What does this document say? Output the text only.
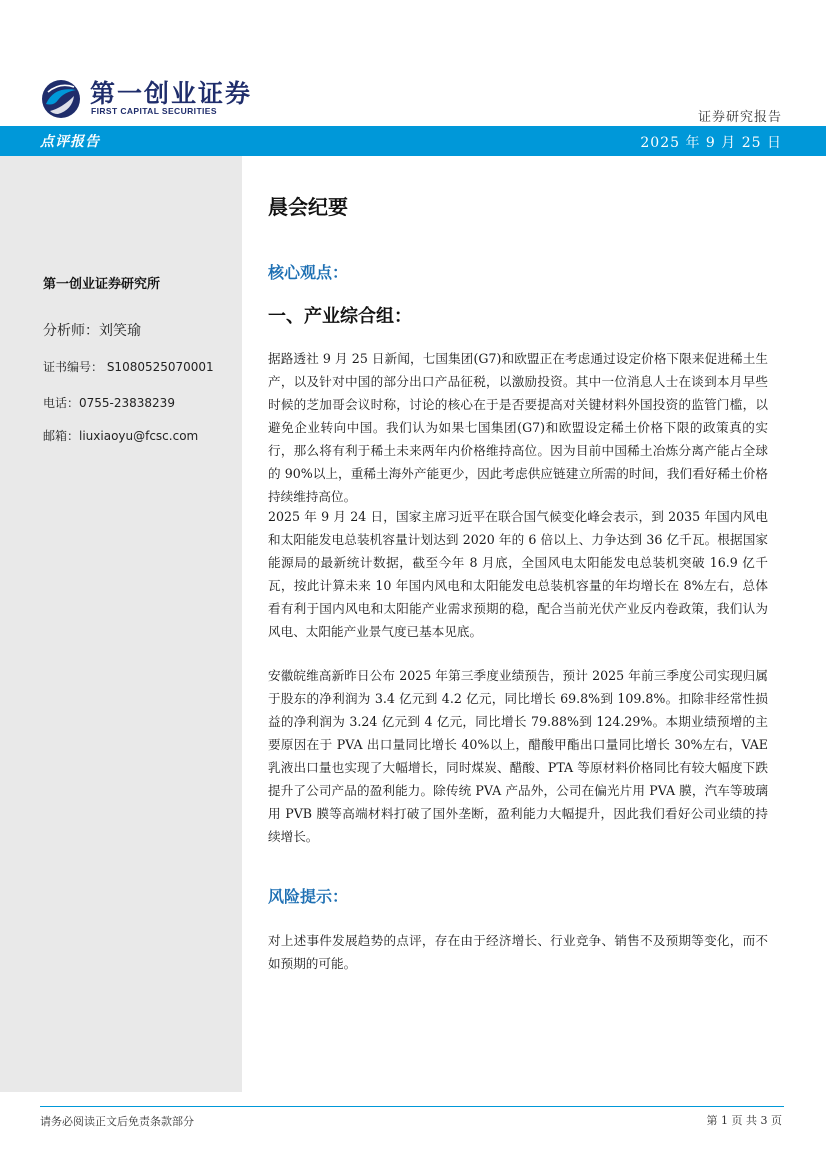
第一创业证券
FIRST CAPITAL SECURITIES	证券研究报告
点评报告	2025 年 9 月 25 日
第一创业证券研究所
分析师：刘笑瑜
证书编号： S1080525070001
电话：0755-23838239
邮箱：liuxiaoyu@fcsc.com
晨会纪要
核心观点：
一、产业综合组：

据路透社 9 月 25 日新闻，七国集团(G7)和欧盟正在考虑通过设定价格下限来促进稀土生产，以及针对中国的部分出口产品征税，以激励投资。其中一位消息人士在谈到本月早些时候的芝加哥会议时称，讨论的核心在于是否要提高对关键材料外国投资的监管门槛，以避免企业转向中国。我们认为如果七国集团(G7)和欧盟设定稀土价格下限的政策真的实行，那么将有利于稀土未来两年内价格维持高位。因为目前中国稀土冶炼分离产能占全球的 90%以上，重稀土海外产能更少，因此考虑供应链建立所需的时间，我们看好稀土价格持续维持高位。

2025 年 9 月 24 日，国家主席习近平在联合国气候变化峰会表示，到 2035 年国内风电和太阳能发电总装机容量计划达到 2020 年的 6 倍以上、力争达到 36 亿千瓦。根据国家能源局的最新统计数据，截至今年 8 月底，全国风电太阳能发电总装机突破 16.9 亿千瓦，按此计算未来 10 年国内风电和太阳能发电总装机容量的年均增长在 8%左右，总体看有利于国内风电和太阳能产业需求预期的稳，配合当前光伏产业反内卷政策，我们认为风电、太阳能产业景气度已基本见底。

安徽皖维高新昨日公布 2025 年第三季度业绩预告，预计 2025 年前三季度公司实现归属于股东的净利润为 3.4 亿元到 4.2 亿元，同比增长 69.8%到 109.8%。扣除非经常性损益的净利润为 3.24 亿元到 4 亿元，同比增长 79.88%到 124.29%。本期业绩预增的主要原因在于 PVA 出口量同比增长 40%以上，醋酸甲酯出口量同比增长 30%左右，VAE 乳液出口量也实现了大幅增长，同时煤炭、醋酸、PTA 等原材料价格同比有较大幅度下跌提升了公司产品的盈利能力。除传统 PVA 产品外，公司在偏光片用 PVA 膜，汽车等玻璃用 PVB 膜等高端材料打破了国外垄断，盈利能力大幅提升，因此我们看好公司业绩的持续增长。

风险提示：

对上述事件发展趋势的点评，存在由于经济增长、行业竞争、销售不及预期等变化，而不如预期的可能。

请务必阅读正文后免责条款部分	第 1 页 共 3 页
